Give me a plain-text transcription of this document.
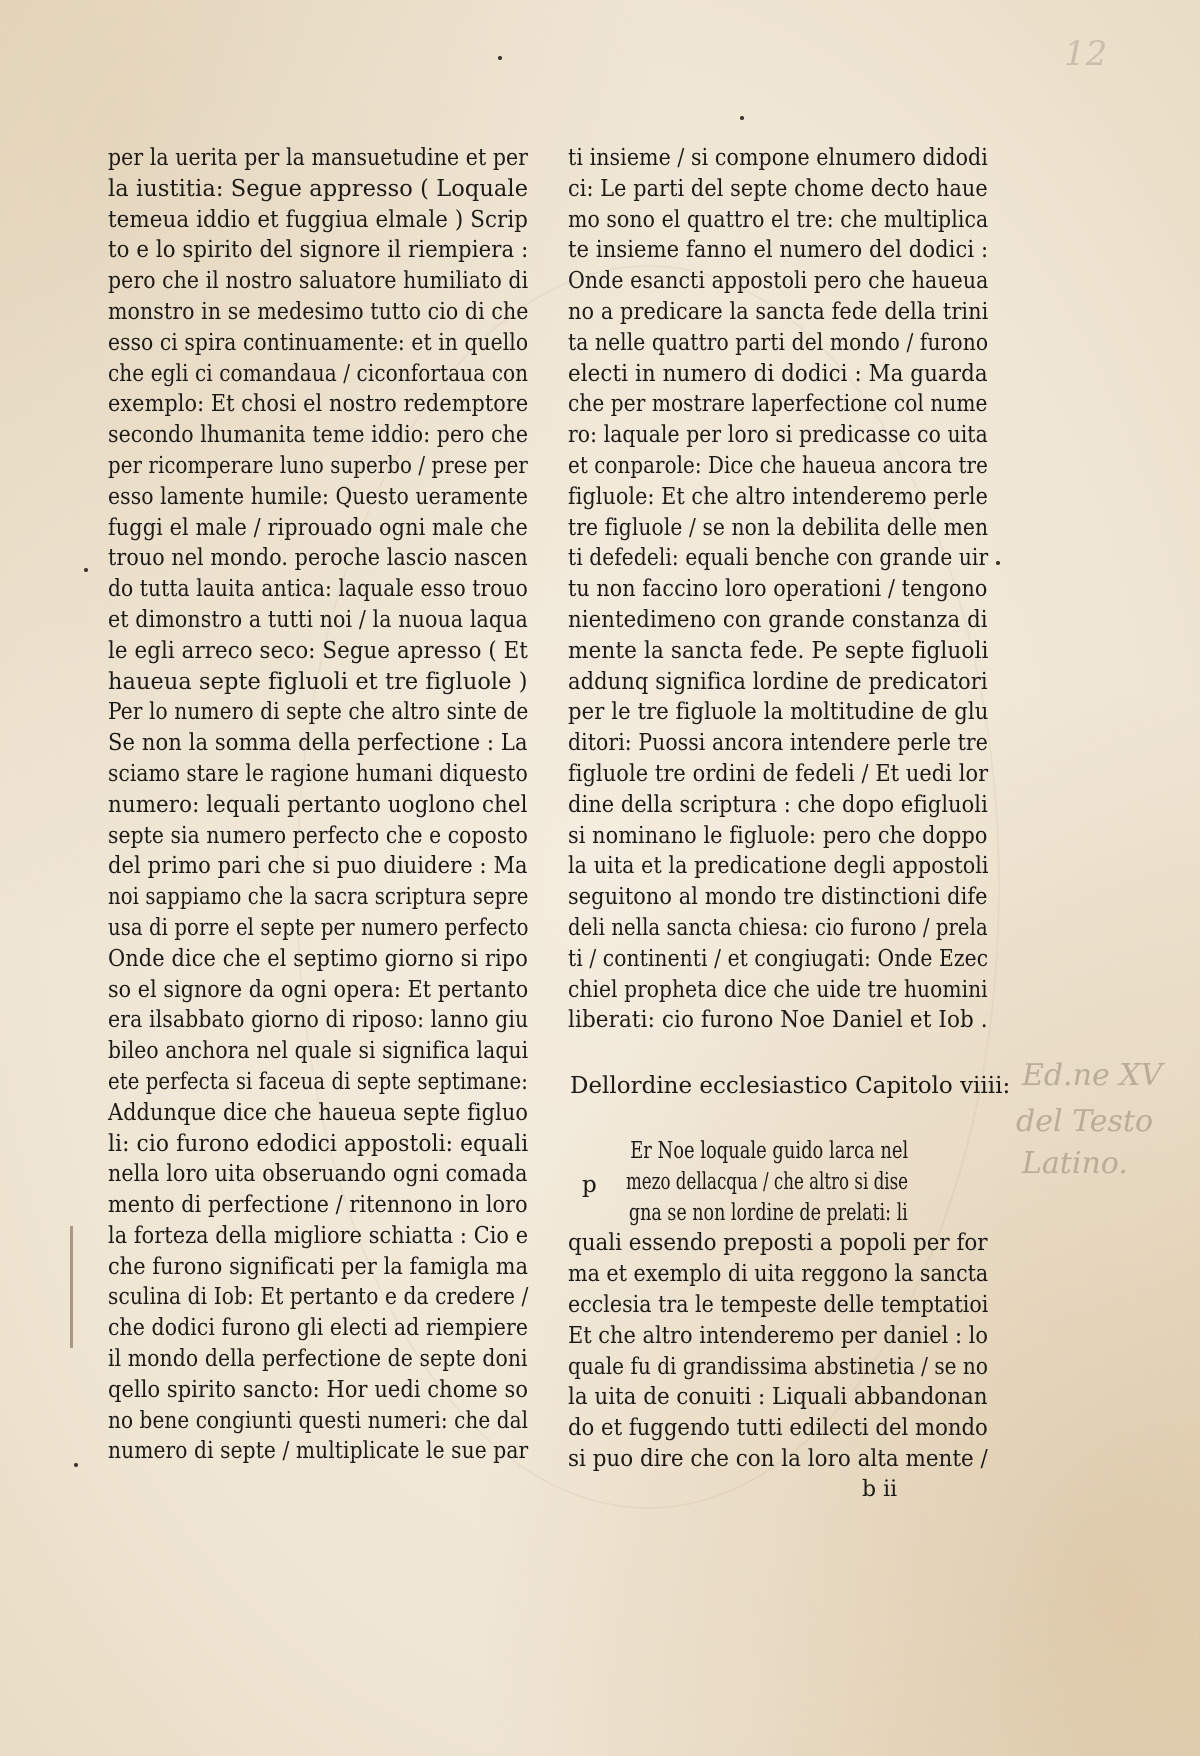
12
per la uerita per la mansuetudine et per
la iustitia: Segue appresso ( Loquale
temeua iddio et fuggiua elmale ) Scrip
to e lo spirito del signore il riempiera :
pero che il nostro saluatore humiliato di
monstro in se medesimo tutto cio di che
esso ci spira continuamente: et in quello
che egli ci comandaua / ciconfortaua con
exemplo: Et chosi el nostro redemptore
secondo lhumanita teme iddio: pero che
per ricomperare luno superbo / prese per
esso lamente humile: Questo ueramente
fuggi el male / riprouado ogni male che
trouo nel mondo. peroche lascio nascen
do tutta lauita antica: laquale esso trouo
et dimonstro a tutti noi / la nuoua laqua
le egli arreco seco: Segue apresso ( Et
haueua septe figluoli et tre figluole )
Per lo numero di septe che altro sinte de
Se non la somma della perfectione : La
sciamo stare le ragione humani diquesto
numero: lequali pertanto uoglono chel
septe sia numero perfecto che e coposto
del primo pari che si puo diuidere : Ma
noi sappiamo che la sacra scriptura sepre
usa di porre el septe per numero perfecto
Onde dice che el septimo giorno si ripo
so el signore da ogni opera: Et pertanto
era ilsabbato giorno di riposo: lanno giu
bileo anchora nel quale si significa laqui
ete perfecta si faceua di septe septimane:
Addunque dice che haueua septe figluo
li: cio furono edodici appostoli: equali
nella loro uita obseruando ogni comada
mento di perfectione / ritennono in loro
la forteza della migliore schiatta : Cio e
che furono significati per la famigla ma
sculina di Iob: Et pertanto e da credere /
che dodici furono gli electi ad riempiere
il mondo della perfectione de septe doni
qello spirito sancto: Hor uedi chome so
no bene congiunti questi numeri: che dal
numero di septe / multiplicate le sue par
ti insieme / si compone elnumero didodi
ci: Le parti del septe chome decto haue
mo sono el quattro el tre: che multiplica
te insieme fanno el numero del dodici :
Onde esancti appostoli pero che haueua
no a predicare la sancta fede della trini
ta nelle quattro parti del mondo / furono
electi in numero di dodici : Ma guarda
che per mostrare laperfectione col nume
ro: laquale per loro si predicasse co uita
et conparole: Dice che haueua ancora tre
figluole: Et che altro intenderemo perle
tre figluole / se non la debilita delle men
ti defedeli: equali benche con grande uir
tu non faccino loro operationi / tengono
nientedimeno con grande constanza di
mente la sancta fede. Pe septe figluoli
addunq significa lordine de predicatori
per le tre figluole la moltitudine de glu
ditori: Puossi ancora intendere perle tre
figluole tre ordini de fedeli / Et uedi lor
dine della scriptura : che dopo efigluoli
si nominano le figluole: pero che doppo
la uita et la predicatione degli appostoli
seguitono al mondo tre distinctioni dife
deli nella sancta chiesa: cio furono / prela
ti / continenti / et congiugati: Onde Ezec
chiel propheta dice che uide tre huomini
liberati: cio furono Noe Daniel et Iob .
Dellordine ecclesiastico Capitolo viiii:
p
Er Noe loquale guido larca nel
mezo dellacqua / che altro si dise
gna se non lordine de prelati: li
quali essendo preposti a popoli per for
ma et exemplo di uita reggono la sancta
ecclesia tra le tempeste delle temptatioi
Et che altro intenderemo per daniel : lo
quale fu di grandissima abstinetia / se no
la uita de conuiti : Liquali abbandonan
do et fuggendo tutti edilecti del mondo
si puo dire che con la loro alta mente /
b ii
Ed.ne XV
del Testo
Latino.
